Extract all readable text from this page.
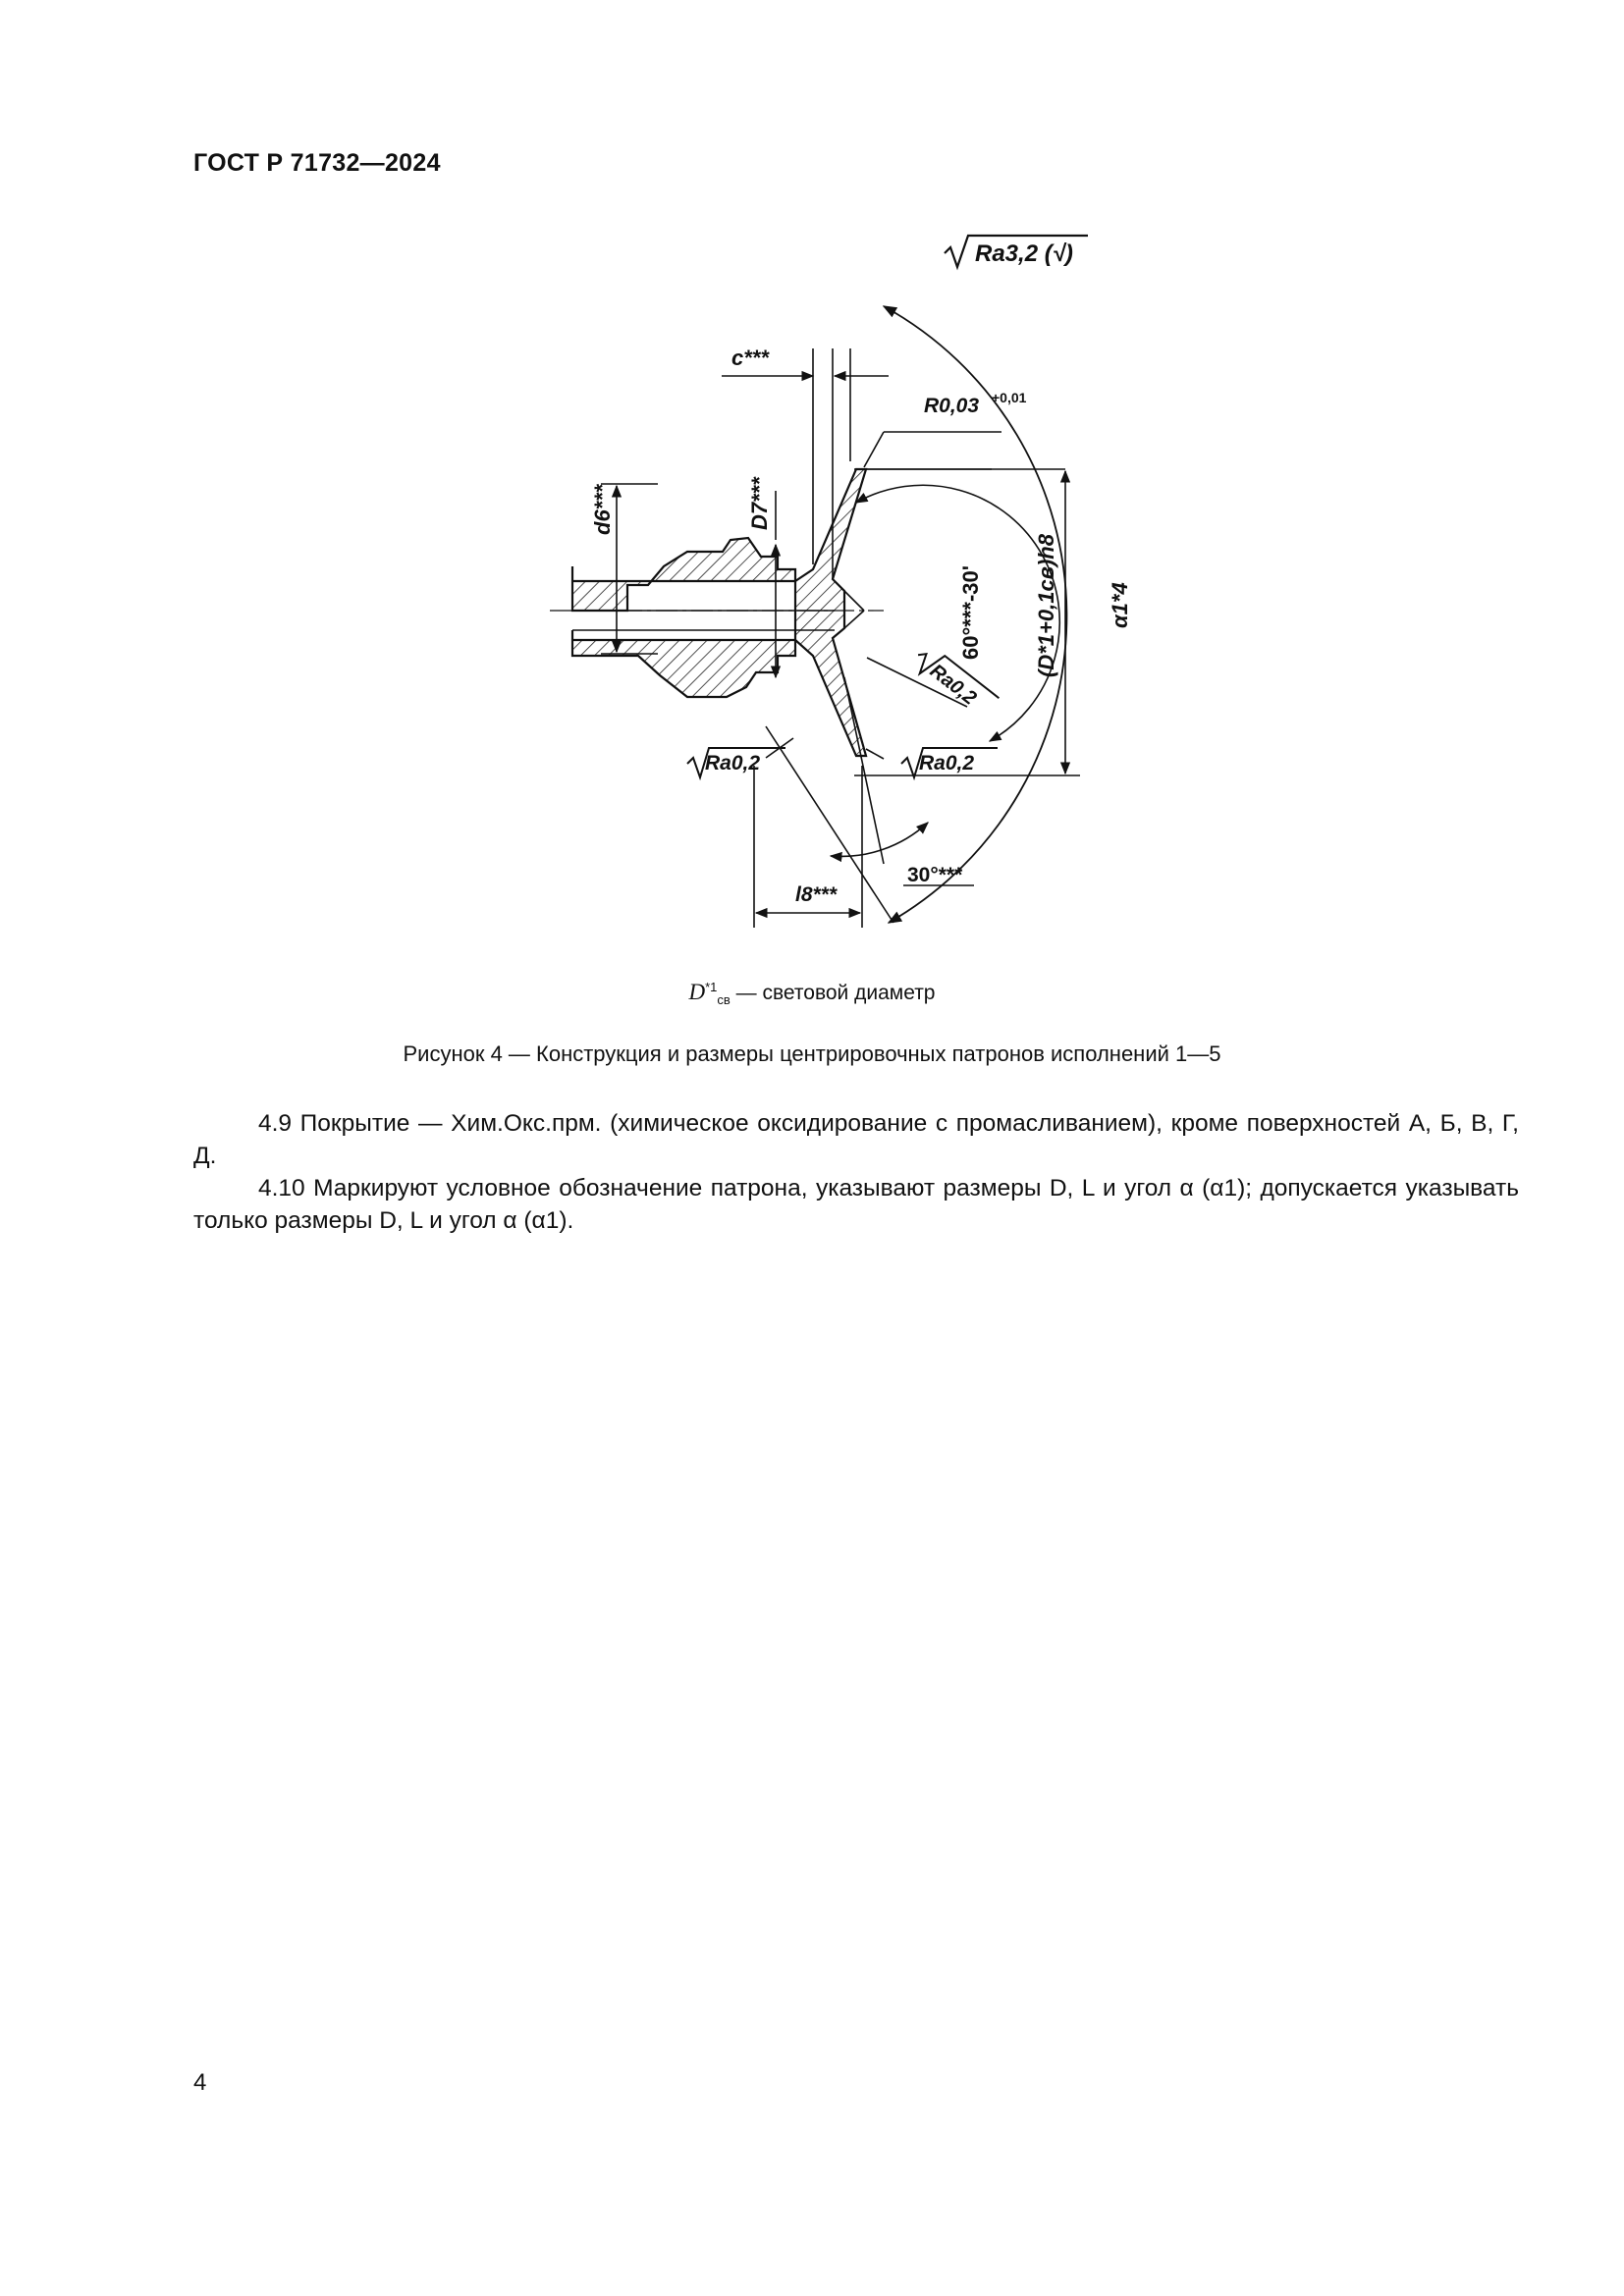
ГОСТ Р 71732—2024
Ra3,2 (√)
Ra0,2	Ra0,2
Ra0,2
c***
R0,03 +0,01
d6***	D7***
60°***-30' (D*1+0,1cв)h8 α1*4
30°***
l8***
$D^{*1}_{св}$ — световой диаметр
Рисунок 4 — Конструкция и размеры центрировочных патронов исполнений 1—5

4.9 Покрытие — Хим.Окс.прм. (химическое оксидирование с промасливанием), кроме поверхностей А, Б, В, Г, Д.

4.10 Маркируют условное обозначение патрона, указывают размеры D, L и угол α (α1); допускается указывать только размеры D, L и угол α (α1).

4
